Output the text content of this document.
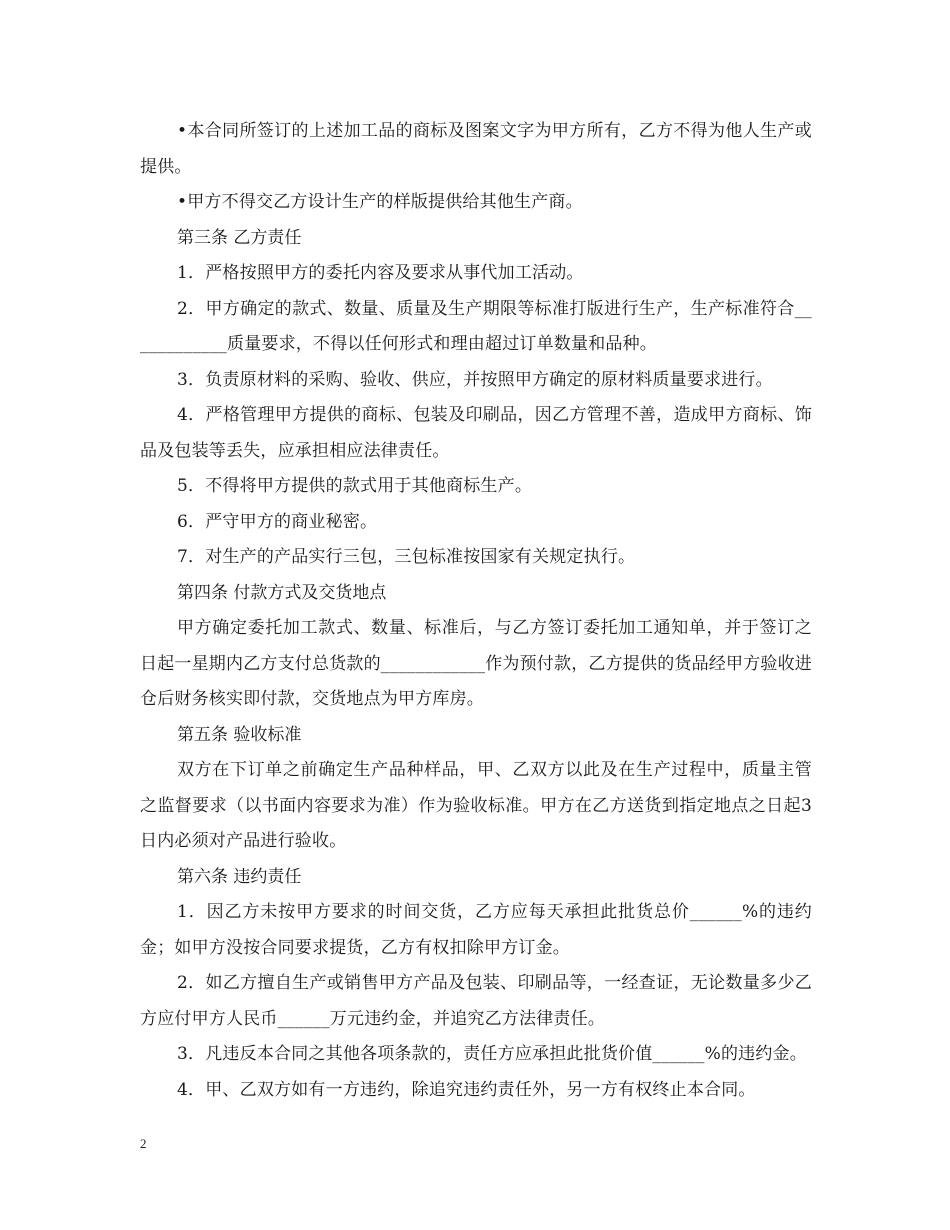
•本合同所签订的上述加工品的商标及图案文字为甲方所有，乙方不得为他人生产或提供。

•甲方不得交乙方设计生产的样版提供给其他生产商。

第三条 乙方责任

1．严格按照甲方的委托内容及要求从事代加工活动。

2．甲方确定的款式、数量、质量及生产期限等标准打版进行生产，生产标准符合____________质量要求，不得以任何形式和理由超过订单数量和品种。

3．负责原材料的采购、验收、供应，并按照甲方确定的原材料质量要求进行。

4．严格管理甲方提供的商标、包装及印刷品，因乙方管理不善，造成甲方商标、饰品及包装等丢失，应承担相应法律责任。

5．不得将甲方提供的款式用于其他商标生产。

6．严守甲方的商业秘密。

7．对生产的产品实行三包，三包标准按国家有关规定执行。

第四条 付款方式及交货地点

甲方确定委托加工款式、数量、标准后，与乙方签订委托加工通知单，并于签订之日起一星期内乙方支付总货款的____________作为预付款，乙方提供的货品经甲方验收进仓后财务核实即付款，交货地点为甲方库房。

第五条 验收标准

双方在下订单之前确定生产品种样品，甲、乙双方以此及在生产过程中，质量主管之监督要求（以书面内容要求为准）作为验收标准。甲方在乙方送货到指定地点之日起3日内必须对产品进行验收。

第六条 违约责任

1．因乙方未按甲方要求的时间交货，乙方应每天承担此批货总价______%的违约金；如甲方没按合同要求提货，乙方有权扣除甲方订金。

2．如乙方擅自生产或销售甲方产品及包装、印刷品等，一经查证，无论数量多少乙方应付甲方人民币______万元违约金，并追究乙方法律责任。

3．凡违反本合同之其他各项条款的，责任方应承担此批货价值______%的违约金。

4．甲、乙双方如有一方违约，除追究违约责任外，另一方有权终止本合同。

2
